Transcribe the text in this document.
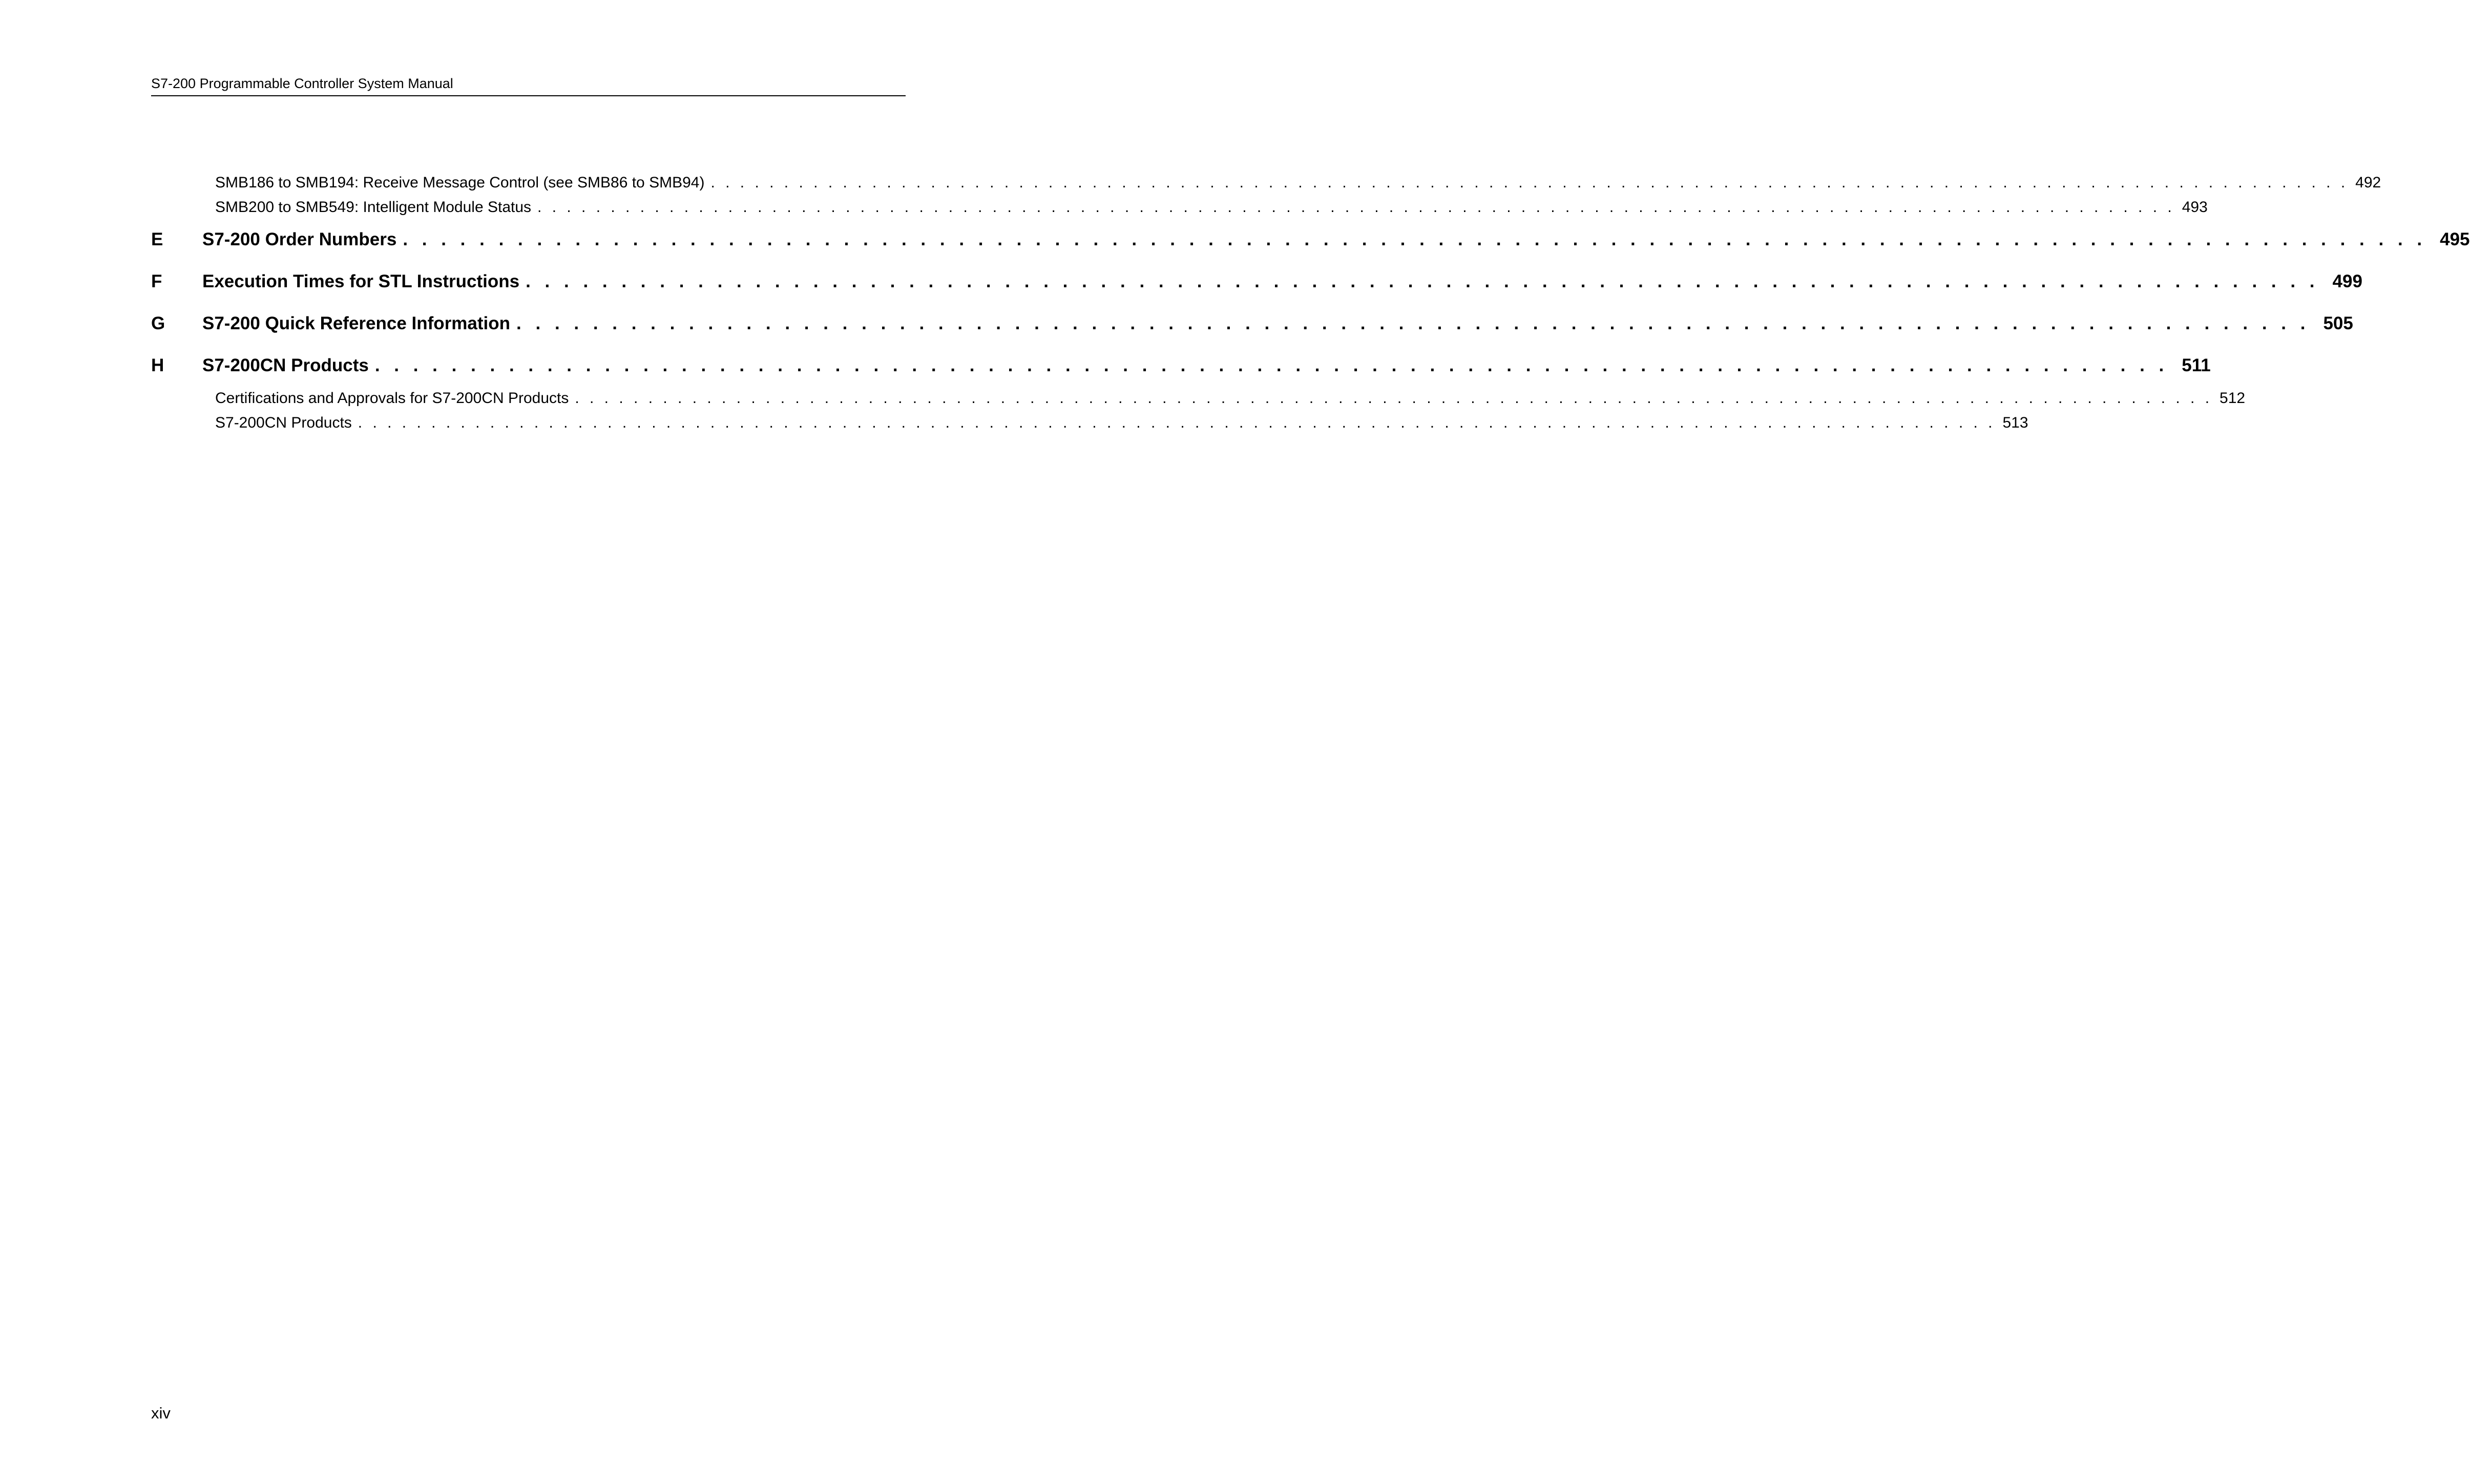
S7-200 Programmable Controller System Manual
SMB186 to SMB194: Receive Message Control (see SMB86 to SMB94) . . . . . . . . . . . . . . . . . . . . . . . . . . . . . . . . . . . . . . . . . . . . . . . . . . . . . . . . . . . . . . . . . . . . . . . . . . . . . . . . . . . . . . . . . . . . . . . . . . . . . . . . . . . . . . . . 492
SMB200 to SMB549: Intelligent Module Status . . . . . . . . . . . . . . . . . . . . . . . . . . . . . . . . . . . . . . . . . . . . . . . . . . . . . . . . . . . . . . . . . . . . . . . . . . . . . . . . . . . . . . . . . . . . . . . . . . . . . . . . . . . . . . . . 493
E	S7-200 Order Numbers . . . . . . . . . . . . . . . . . . . . . . . . . . . . . . . . . . . . . . . . . . . . . . . . . . . . . . . . . . . . . . . . . . . . . . . . . . . . . . . . . . . . . . . . . . . . . . . . . . . . . . . . . . 495
F	Execution Times for STL Instructions . . . . . . . . . . . . . . . . . . . . . . . . . . . . . . . . . . . . . . . . . . . . . . . . . . . . . . . . . . . . . . . . . . . . . . . . . . . . . . . . . . . . . . . . . . . . . . 499
G	S7-200 Quick Reference Information . . . . . . . . . . . . . . . . . . . . . . . . . . . . . . . . . . . . . . . . . . . . . . . . . . . . . . . . . . . . . . . . . . . . . . . . . . . . . . . . . . . . . . . . . . . . . . 505
H	S7-200CN Products . . . . . . . . . . . . . . . . . . . . . . . . . . . . . . . . . . . . . . . . . . . . . . . . . . . . . . . . . . . . . . . . . . . . . . . . . . . . . . . . . . . . . . . . . . . . . . 511
Certifications and Approvals for S7-200CN Products . . . . . . . . . . . . . . . . . . . . . . . . . . . . . . . . . . . . . . . . . . . . . . . . . . . . . . . . . . . . . . . . . . . . . . . . . . . . . . . . . . . . . . . . . . . . . . . . . . . . . . . . . . . . . . . . 512
S7-200CN Products . . . . . . . . . . . . . . . . . . . . . . . . . . . . . . . . . . . . . . . . . . . . . . . . . . . . . . . . . . . . . . . . . . . . . . . . . . . . . . . . . . . . . . . . . . . . . . . . . . . . . . . . . . . . . . . . 513
xiv
